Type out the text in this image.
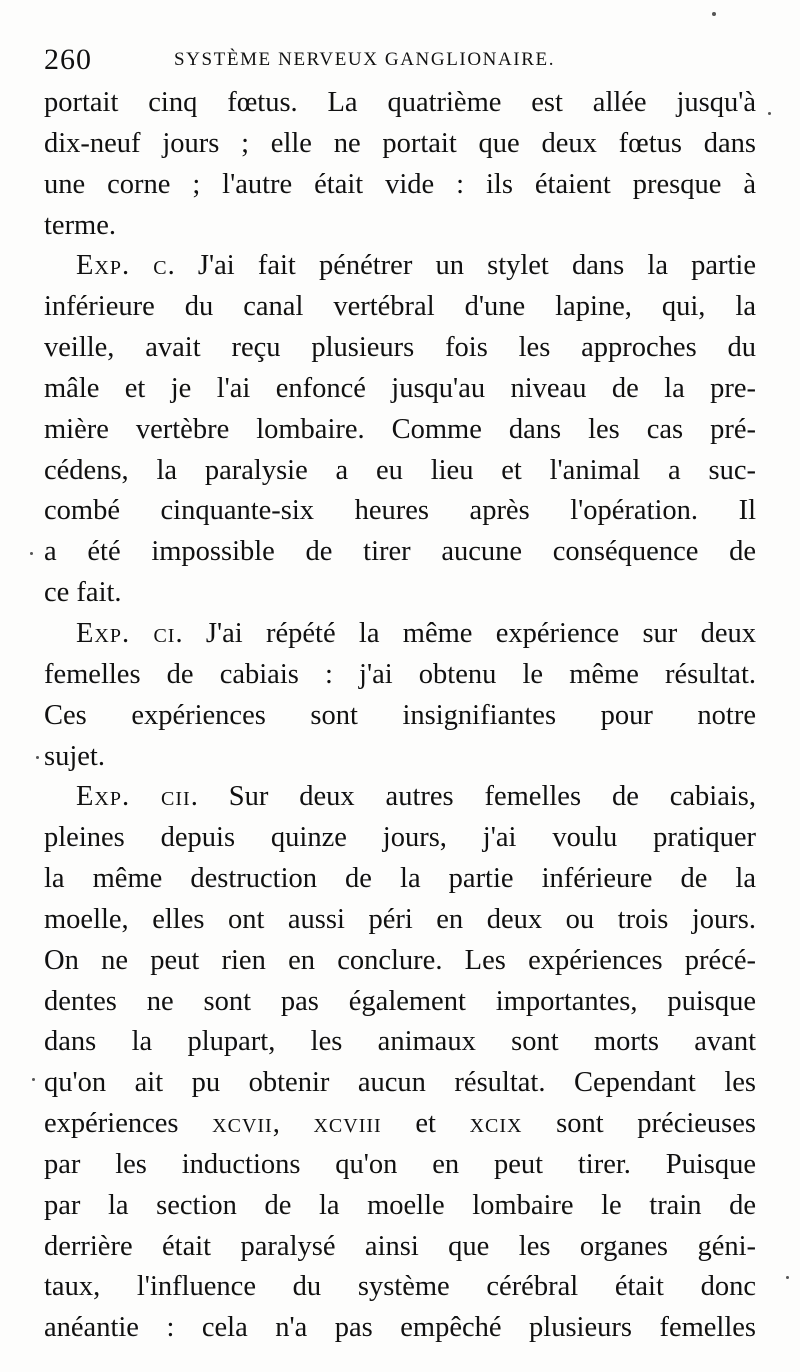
260	SYSTÈME NERVEUX GANGLIONAIRE.
portait cinq fœtus. La quatrième est allée jusqu'à
dix-neuf jours ; elle ne portait que deux fœtus dans
une corne ; l'autre était vide : ils étaient presque à
terme.
Exp. c. J'ai fait pénétrer un stylet dans la partie
inférieure du canal vertébral d'une lapine, qui, la
veille, avait reçu plusieurs fois les approches du
mâle et je l'ai enfoncé jusqu'au niveau de la pre-
mière vertèbre lombaire. Comme dans les cas pré-
cédens, la paralysie a eu lieu et l'animal a suc-
combé cinquante-six heures après l'opération. Il
a été impossible de tirer aucune conséquence de
ce fait.
Exp. ci. J'ai répété la même expérience sur deux
femelles de cabiais : j'ai obtenu le même résultat.
Ces expériences sont insignifiantes pour notre
sujet.
Exp. cii. Sur deux autres femelles de cabiais,
pleines depuis quinze jours, j'ai voulu pratiquer
la même destruction de la partie inférieure de la
moelle, elles ont aussi péri en deux ou trois jours.
On ne peut rien en conclure. Les expériences précé-
dentes ne sont pas également importantes, puisque
dans la plupart, les animaux sont morts avant
qu'on ait pu obtenir aucun résultat. Cependant les
expériences xcvii, xcviii et xcix sont précieuses
par les inductions qu'on en peut tirer. Puisque
par la section de la moelle lombaire le train de
derrière était paralysé ainsi que les organes géni-
taux, l'influence du système cérébral était donc
anéantie : cela n'a pas empêché plusieurs femelles
